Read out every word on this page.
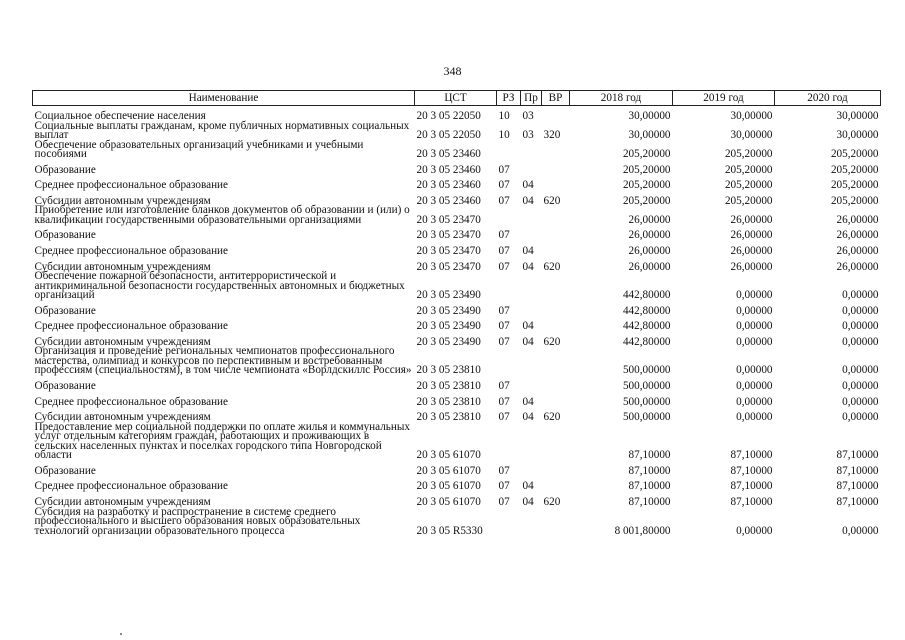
348
Наименование	ЦСТ	РЗ	Пр	ВР	2018 год	2019 год	2020 год
Социальное обеспечение населения	20 3 05 22050	10	03		30,00000	30,00000	30,00000
Социальные выплаты гражданам, кроме публичных нормативных социальных выплат	20 3 05 22050	10	03	320	30,00000	30,00000	30,00000
Обеспечение образовательных организаций учебниками и учебными пособиями	20 3 05 23460				205,20000	205,20000	205,20000
Образование	20 3 05 23460	07			205,20000	205,20000	205,20000
Среднее профессиональное образование	20 3 05 23460	07	04		205,20000	205,20000	205,20000
Субсидии автономным учреждениям	20 3 05 23460	07	04	620	205,20000	205,20000	205,20000
Приобретение или изготовление бланков документов об образовании и (или) о квалификации государственными образовательными организациями	20 3 05 23470				26,00000	26,00000	26,00000
Образование	20 3 05 23470	07			26,00000	26,00000	26,00000
Среднее профессиональное образование	20 3 05 23470	07	04		26,00000	26,00000	26,00000
Субсидии автономным учреждениям	20 3 05 23470	07	04	620	26,00000	26,00000	26,00000
Обеспечение пожарной безопасности, антитеррористической и антикриминальной безопасности государственных автономных и бюджетных организаций	20 3 05 23490				442,80000	0,00000	0,00000
Образование	20 3 05 23490	07			442,80000	0,00000	0,00000
Среднее профессиональное образование	20 3 05 23490	07	04		442,80000	0,00000	0,00000
Субсидии автономным учреждениям	20 3 05 23490	07	04	620	442,80000	0,00000	0,00000
Организация и проведение региональных чемпионатов профессионального мастерства, олимпиад и конкурсов по перспективным и востребованным профессиям (специальностям), в том числе чемпионата «Ворлдскиллс Россия»	20 3 05 23810				500,00000	0,00000	0,00000
Образование	20 3 05 23810	07			500,00000	0,00000	0,00000
Среднее профессиональное образование	20 3 05 23810	07	04		500,00000	0,00000	0,00000
Субсидии автономным учреждениям	20 3 05 23810	07	04	620	500,00000	0,00000	0,00000
Предоставление мер социальной поддержки по оплате жилья и коммунальных услуг отдельным категориям граждан, работающих и проживающих в сельских населенных пунктах и поселках городского типа Новгородской области	20 3 05 61070				87,10000	87,10000	87,10000
Образование	20 3 05 61070	07			87,10000	87,10000	87,10000
Среднее профессиональное образование	20 3 05 61070	07	04		87,10000	87,10000	87,10000
Субсидии автономным учреждениям	20 3 05 61070	07	04	620	87,10000	87,10000	87,10000
Субсидия на разработку и распространение в системе среднего профессионального и высшего образования новых образовательных технологий организации образовательного процесса	20 3 05 R5330				8 001,80000	0,00000	0,00000
